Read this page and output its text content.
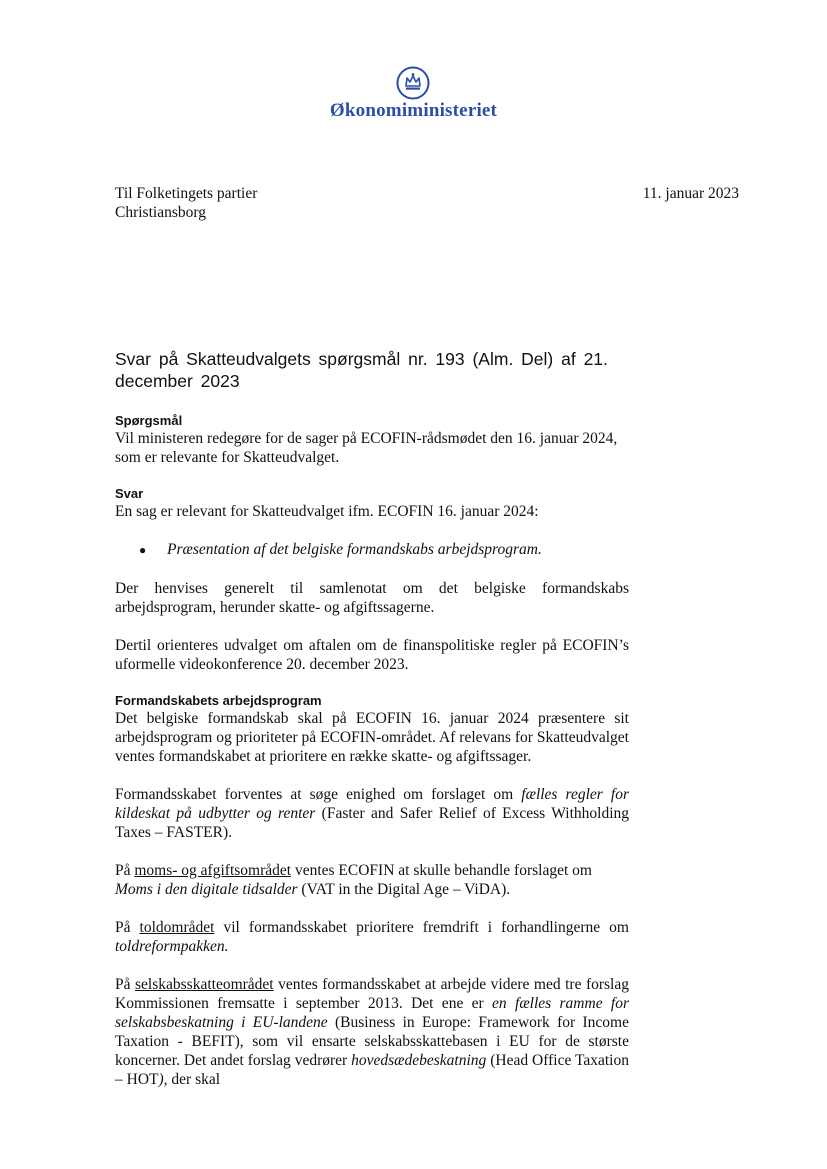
Økonomiministeriet
Til Folketingets partier
Christiansborg
11. januar 2023
Svar på Skatteudvalgets spørgsmål nr. 193 (Alm. Del) af 21. december 2023
Spørgsmål

Vil ministeren redegøre for de sager på ECOFIN-rådsmødet den 16. januar 2024, som er relevante for Skatteudvalget.

Svar

En sag er relevant for Skatteudvalget ifm. ECOFIN 16. januar 2024:

●	Præsentation af det belgiske formandskabs arbejdsprogram.

Der henvises generelt til samlenotat om det belgiske formandskabs arbejdsprogram, herunder skatte- og afgiftssagerne.

Dertil orienteres udvalget om aftalen om de finanspolitiske regler på ECOFIN’s uformelle videokonference 20. december 2023.

Formandskabets arbejdsprogram

Det belgiske formandskab skal på ECOFIN 16. januar 2024 præsentere sit arbejdsprogram og prioriteter på ECOFIN-området. Af relevans for Skatteudvalget ventes formandskabet at prioritere en række skatte- og afgiftssager.

Formandsskabet forventes at søge enighed om forslaget om fælles regler for kildeskat på udbytter og renter (Faster and Safer Relief of Excess Withholding Taxes – FASTER).

På moms- og afgiftsområdet ventes ECOFIN at skulle behandle forslaget om Moms i den digitale tidsalder (VAT in the Digital Age – ViDA).

På toldområdet vil formandsskabet prioritere fremdrift i forhandlingerne om toldreformpakken.

På selskabsskatteområdet ventes formandsskabet at arbejde videre med tre forslag Kommissionen fremsatte i september 2013. Det ene er en fælles ramme for selskabsbeskatning i EU-landene (Business in Europe: Framework for Income Taxation - BEFIT), som vil ensarte selskabsskattebasen i EU for de største koncerner. Det andet forslag vedrører hovedsædebeskatning (Head Office Taxation – HOT), der skal
